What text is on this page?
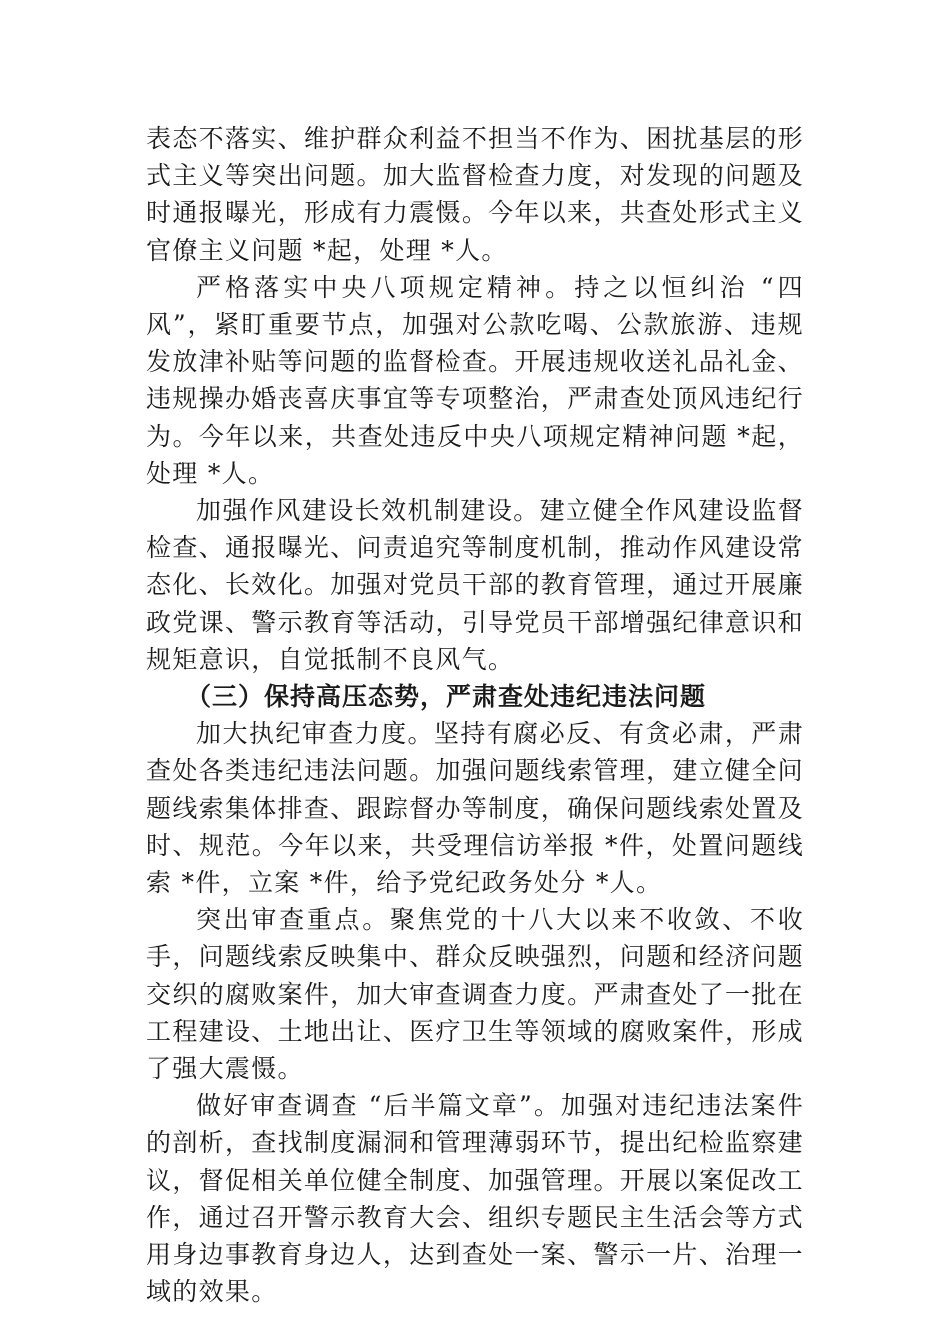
表态不落实、维护群众利益不担当不作为、困扰基层的形式主义等突出问题。加大监督检查力度，对发现的问题及时通报曝光，形成有力震慑。今年以来，共查处形式主义官僚主义问题 *起，处理 *人。

严格落实中央八项规定精神。持之以恒纠治 “四风”，紧盯重要节点，加强对公款吃喝、公款旅游、违规发放津补贴等问题的监督检查。开展违规收送礼品礼金、违规操办婚丧喜庆事宜等专项整治，严肃查处顶风违纪行为。今年以来，共查处违反中央八项规定精神问题 *起，处理 *人。

加强作风建设长效机制建设。建立健全作风建设监督检查、通报曝光、问责追究等制度机制，推动作风建设常态化、长效化。加强对党员干部的教育管理，通过开展廉政党课、警示教育等活动，引导党员干部增强纪律意识和规矩意识，自觉抵制不良风气。

（三）保持高压态势，严肃查处违纪违法问题

加大执纪审查力度。坚持有腐必反、有贪必肃，严肃查处各类违纪违法问题。加强问题线索管理，建立健全问题线索集体排查、跟踪督办等制度，确保问题线索处置及时、规范。今年以来，共受理信访举报 *件，处置问题线索 *件，立案 *件，给予党纪政务处分 *人。

突出审查重点。聚焦党的十八大以来不收敛、不收手，问题线索反映集中、群众反映强烈，问题和经济问题交织的腐败案件，加大审查调查力度。严肃查处了一批在工程建设、土地出让、医疗卫生等领域的腐败案件，形成了强大震慑。

做好审查调查 “后半篇文章”。加强对违纪违法案件的剖析，查找制度漏洞和管理薄弱环节，提出纪检监察建议，督促相关单位健全制度、加强管理。开展以案促改工作，通过召开警示教育大会、组织专题民主生活会等方式用身边事教育身边人，达到查处一案、警示一片、治理一域的效果。
